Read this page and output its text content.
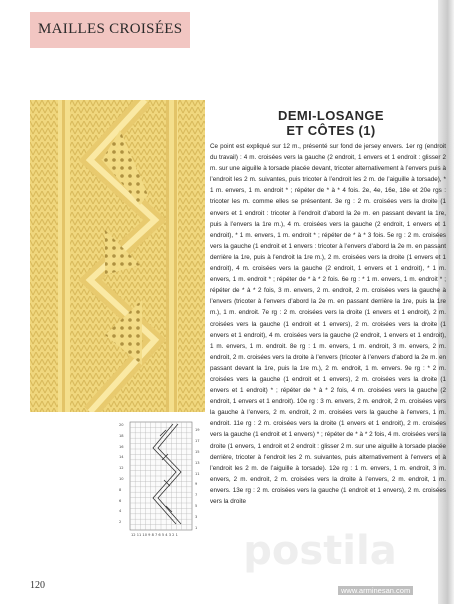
MAILLES CROISÉES
20
18
16
14
12
10
8
6
4
2
19
17
15
13
11
9
7
5
3
1
12 11 10 9 8 7 6 5 4 3 2 1
DEMI-LOSANGE
ET CÔTES (1)
Ce point est expliqué sur 12 m., présenté sur fond de jersey envers. 1er rg (endroit du travail) : 4 m. croisées vers la gauche (2 endroit, 1 envers et 1 endroit : glisser 2 m. sur une aiguille à torsade placée devant, tricoter alternativement à l’envers puis à l’endroit les 2 m. suivantes, puis tricoter à l’endroit les 2 m. de l’aiguille à torsade), * 1 m. envers, 1 m. endroit * ; répéter de * à * 4 fois. 2e, 4e, 16e, 18e et 20e rgs : tricoter les m. comme elles se présentent. 3e rg : 2 m. croisées vers la droite (1 envers et 1 endroit : tricoter à l’endroit d’abord la 2e m. en passant devant la 1re, puis à l’envers la 1re m.), 4 m. croisées vers la gauche (2 endroit, 1 envers et 1 endroit), * 1 m. envers, 1 m. endroit * ; répéter de * à * 3 fois. 5e rg : 2 m. croisées vers la gauche (1 endroit et 1 envers : tricoter à l’envers d’abord la 2e m. en passant derrière la 1re, puis à l’endroit la 1re m.), 2 m. croisées vers la droite (1 envers et 1 endroit), 4 m. croisées vers la gauche (2 endroit, 1 envers et 1 endroit), * 1 m. envers, 1 m. endroit * ; répéter de * à * 2 fois. 6e rg : * 1 m. envers, 1 m. endroit * ; répéter de * à * 2 fois, 3 m. envers, 2 m. endroit, 2 m. croisées vers la gauche à l’envers (tricoter à l’envers d’abord la 2e m. en passant derrière la 1re, puis la 1re m.), 1 m. endroit. 7e rg : 2 m. croisées vers la droite (1 envers et 1 endroit), 2 m. croisées vers la gauche (1 endroit et 1 envers), 2 m. croisées vers la droite (1 envers et 1 endroit), 4 m. croisées vers la gauche (2 endroit, 1 envers et 1 endroit), 1 m. envers, 1 m. endroit. 8e rg : 1 m. envers, 1 m. endroit, 3 m. envers, 2 m. endroit, 2 m. croisées vers la droite à l’envers (tricoter à l’envers d’abord la 2e m. en passant devant la 1re, puis la 1re m.), 2 m. endroit, 1 m. envers. 9e rg : * 2 m. croisées vers la gauche (1 endroit et 1 envers), 2 m. croisées vers la droite (1 envers et 1 endroit) * ; répéter de * à * 2 fois, 4 m. croisées vers la gauche (2 endroit, 1 envers et 1 endroit). 10e rg : 3 m. envers, 2 m. endroit, 2 m. croisées vers la gauche à l’envers, 2 m. endroit, 2 m. croisées vers la gauche à l’envers, 1 m. endroit. 11e rg : 2 m. croisées vers la droite (1 envers et 1 endroit), 2 m. croisées vers la gauche (1 endroit et 1 envers) * ; répéter de * à * 2 fois, 4 m. croisées vers la droite (1 envers, 1 endroit et 2 endroit : glisser 2 m. sur une aiguille à torsade placée derrière, tricoter à l’endroit les 2 m. suivantes, puis alternativement à l’envers et à l’endroit les 2 m. de l’aiguille à torsade). 12e rg : 1 m. envers, 1 m. endroit, 3 m. envers, 2 m. endroit, 2 m. croisées vers la droite à l’envers, 2 m. endroit, 1 m. envers. 13e rg : 2 m. croisées vers la gauche (1 endroit et 1 envers), 2 m. croisées vers la droite
postila
120	www.arminesan.com
